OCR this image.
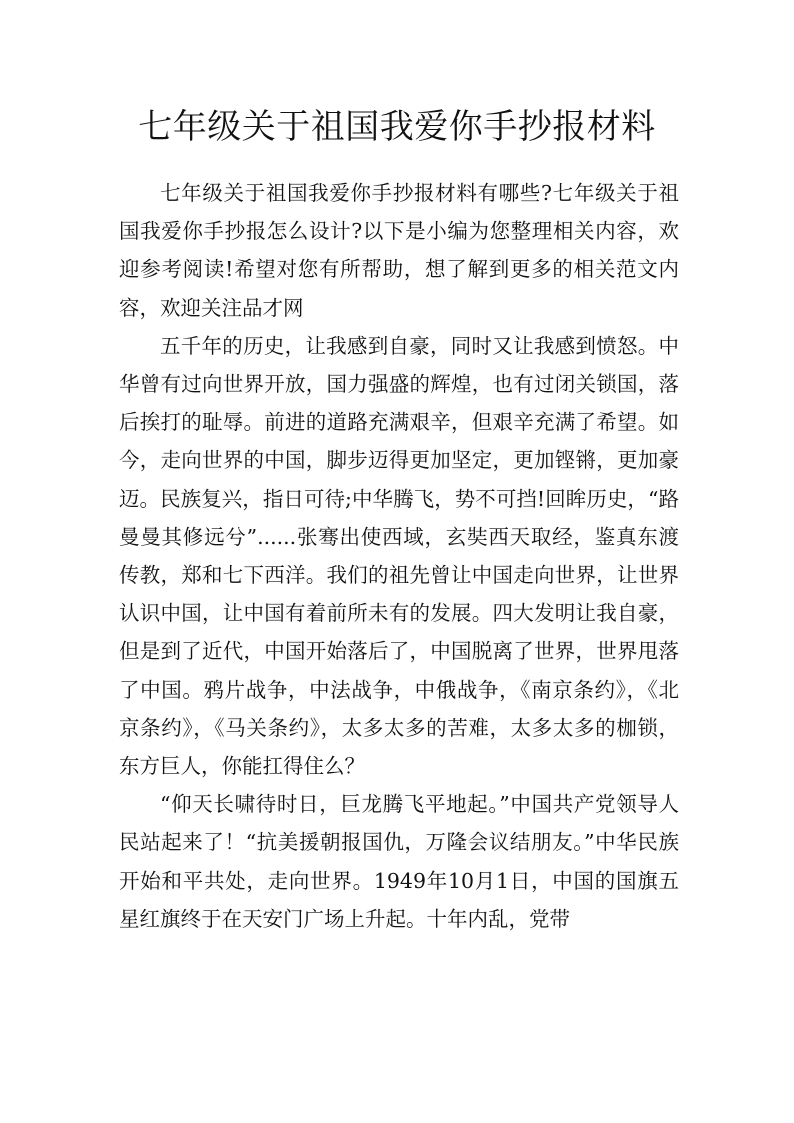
七年级关于祖国我爱你手抄报材料

七年级关于祖国我爱你手抄报材料有哪些?七年级关于祖国我爱你手抄报怎么设计?以下是小编为您整理相关内容，欢迎参考阅读!希望对您有所帮助，想了解到更多的相关范文内容，欢迎关注品才网

五千年的历史，让我感到自豪，同时又让我感到愤怒。中华曾有过向世界开放，国力强盛的辉煌，也有过闭关锁国，落后挨打的耻辱。前进的道路充满艰辛，但艰辛充满了希望。如今，走向世界的中国，脚步迈得更加坚定，更加铿锵，更加豪迈。民族复兴，指日可待;中华腾飞，势不可挡!回眸历史，“路曼曼其修远兮”......张骞出使西域，玄奘西天取经，鉴真东渡传教，郑和七下西洋。我们的祖先曾让中国走向世界，让世界认识中国，让中国有着前所未有的发展。四大发明让我自豪，但是到了近代，中国开始落后了，中国脱离了世界，世界甩落了中国。鸦片战争，中法战争，中俄战争，《南京条约》，《北京条约》，《马关条约》，太多太多的苦难，太多太多的枷锁，东方巨人，你能扛得住么？

“仰天长啸待时日，巨龙腾飞平地起。”中国共产党领导人民站起来了！“抗美援朝报国仇，万隆会议结朋友。”中华民族开始和平共处，走向世界。1949年10月1日，中国的国旗五星红旗终于在天安门广场上升起。十年内乱，党带
